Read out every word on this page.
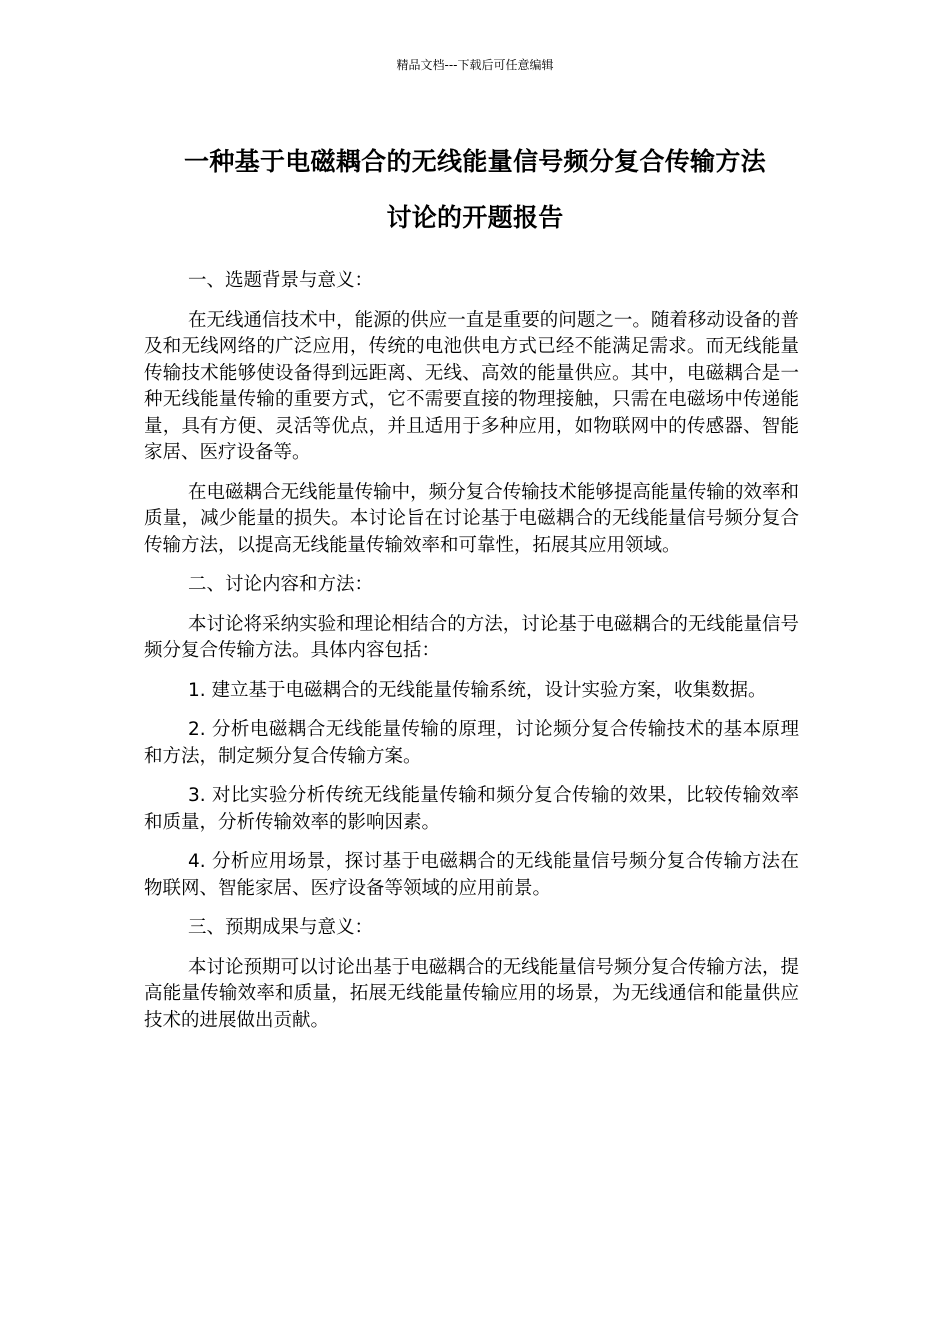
精品文档---下载后可任意编辑
一种基于电磁耦合的无线能量信号频分复合传输方法
讨论的开题报告

一、选题背景与意义：

在无线通信技术中，能源的供应一直是重要的问题之一。随着移动设备的普及和无线网络的广泛应用，传统的电池供电方式已经不能满足需求。而无线能量传输技术能够使设备得到远距离、无线、高效的能量供应。其中，电磁耦合是一种无线能量传输的重要方式，它不需要直接的物理接触，只需在电磁场中传递能量，具有方便、灵活等优点，并且适用于多种应用，如物联网中的传感器、智能家居、医疗设备等。

在电磁耦合无线能量传输中，频分复合传输技术能够提高能量传输的效率和质量，减少能量的损失。本讨论旨在讨论基于电磁耦合的无线能量信号频分复合传输方法，以提高无线能量传输效率和可靠性，拓展其应用领域。

二、讨论内容和方法：

本讨论将采纳实验和理论相结合的方法，讨论基于电磁耦合的无线能量信号频分复合传输方法。具体内容包括：

1. 建立基于电磁耦合的无线能量传输系统，设计实验方案，收集数据。

2. 分析电磁耦合无线能量传输的原理，讨论频分复合传输技术的基本原理和方法，制定频分复合传输方案。

3. 对比实验分析传统无线能量传输和频分复合传输的效果，比较传输效率和质量，分析传输效率的影响因素。

4. 分析应用场景，探讨基于电磁耦合的无线能量信号频分复合传输方法在物联网、智能家居、医疗设备等领域的应用前景。

三、预期成果与意义：

本讨论预期可以讨论出基于电磁耦合的无线能量信号频分复合传输方法，提高能量传输效率和质量，拓展无线能量传输应用的场景，为无线通信和能量供应技术的进展做出贡献。
